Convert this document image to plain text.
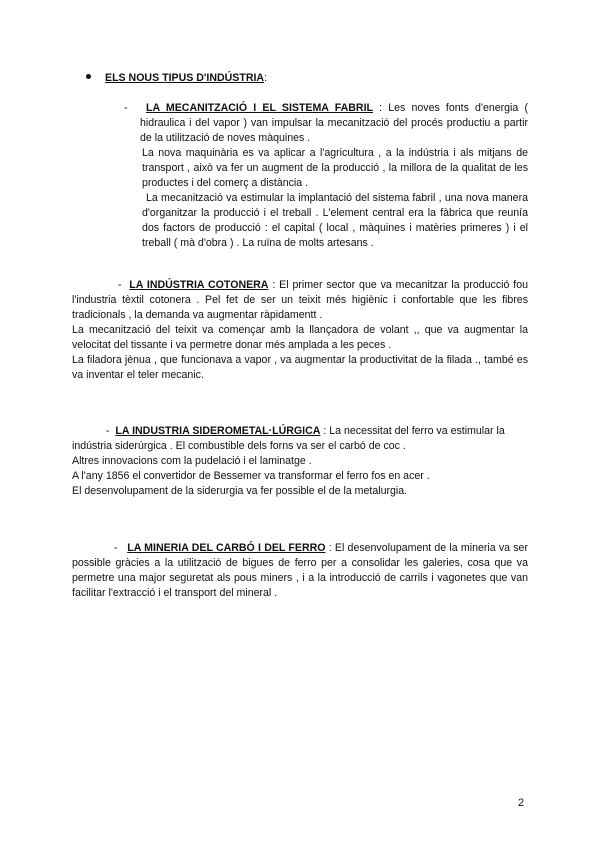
ELS NOUS TIPUS D'INDÚSTRIA:

- LA MECANITZACIÓ I EL SISTEMA FABRIL : Les noves fonts d'energia ( hidraulica i del vapor ) van impulsar la mecanització del procés productiu a partir de la utilització de noves màquines .

La nova maquinària es va aplicar a l'agricultura , a la indústria i als mitjans de transport , això va fer un augment de la producció , la millora de la qualitat de les productes i del comerç a distància .

La mecanització va estimular la implantació del sistema fabril , una nova manera d'organitzar la producció i el treball . L'element central era la fàbrica que reunía dos factors de producció : el capital ( local , màquines i matèries primeres ) i el treball ( mà d'obra ) . La ruïna de molts artesans .

- LA INDÚSTRIA COTONERA : El primer sector que va mecanitzar la producció fou l'industria tèxtil cotonera . Pel fet de ser un teixit més higiènic i confortable que les fibres tradicionals , la demanda va augmentar ràpidamentt .

La mecanització del teixit va començar amb la llançadora de volant ,, que va augmentar la velocitat del tissante i va permetre donar més amplada a les peces .

La filadora jènua , que funcionava a vapor , va augmentar la productivitat de la filada ., també es va inventar el teler mecanic.

- LA INDUSTRIA SIDEROMETAL·LÚRGICA : La necessitat del ferro va estimular la indústria siderúrgica . El combustible dels forns va ser el carbó de coc .

Altres innovacions com la pudelació i el laminatge .

A l'any 1856 el convertidor de Bessemer va transformar el ferro fos en acer .

El desenvolupament de la siderurgia va fer possible el de la metalurgia.

- LA MINERIA DEL CARBÓ I DEL FERRO : El desenvolupament de la mineria va ser possible gràcies a la utilització de bigues de ferro per a consolidar les galeries, cosa que va permetre una major seguretat als pous miners , i a la introducció de carrils i vagonetes que van facilitar l'extracció i el transport del mineral .

2
